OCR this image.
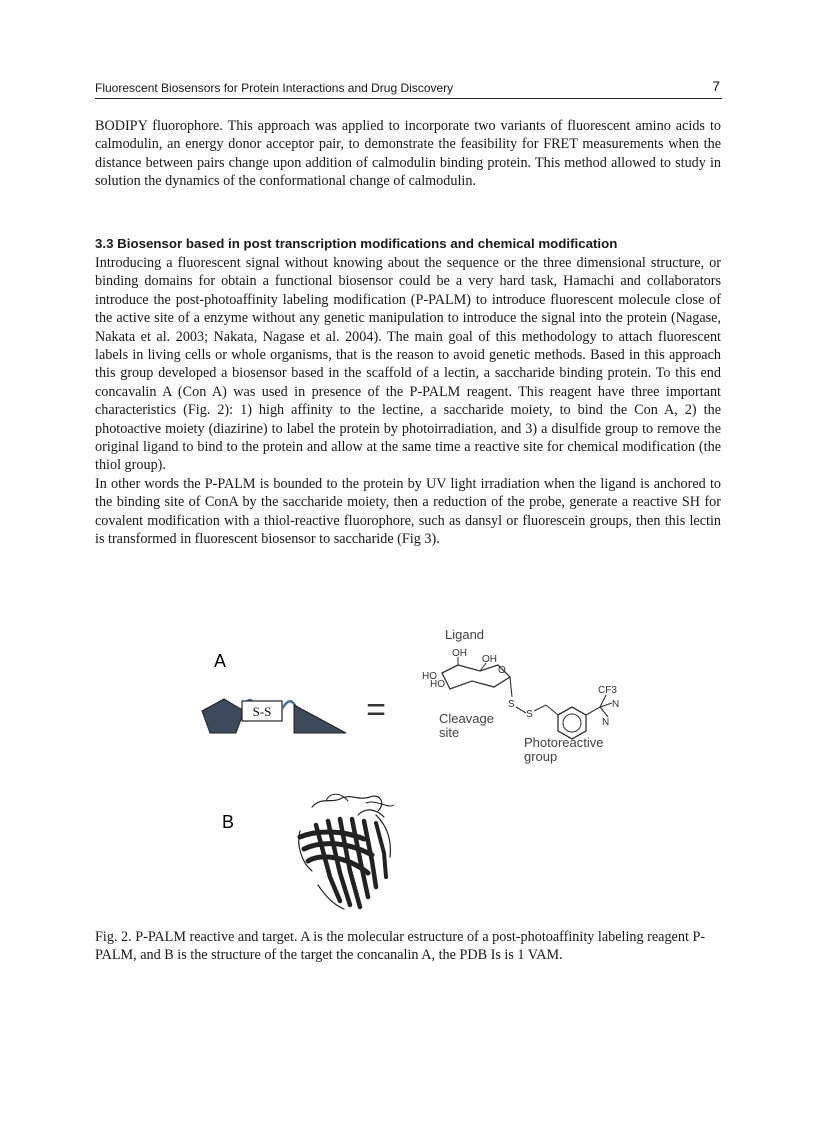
Fluorescent Biosensors for Protein Interactions and Drug Discovery	7

BODIPY fluorophore. This approach was applied to incorporate two variants of fluorescent amino acids to calmodulin, an energy donor acceptor pair, to demonstrate the feasibility for FRET measurements when the distance between pairs change upon addition of calmodulin binding protein. This method allowed to study in solution the dynamics of the conformational change of calmodulin.

3.3 Biosensor based in post transcription modifications and chemical modification

Introducing a fluorescent signal without knowing about the sequence or the three dimensional structure, or binding domains for obtain a functional biosensor could be a very hard task, Hamachi and collaborators introduce the post-photoaffinity labeling modification (P-PALM) to introduce fluorescent molecule close of the active site of a enzyme without any genetic manipulation to introduce the signal into the protein (Nagase, Nakata et al. 2003; Nakata, Nagase et al. 2004). The main goal of this methodology to attach fluorescent labels in living cells or whole organisms, that is the reason to avoid genetic methods. Based in this approach this group developed a biosensor based in the scaffold of a lectin, a saccharide binding protein. To this end concavalin A (Con A) was used in presence of the P-PALM reagent. This reagent have three important characteristics (Fig. 2): 1) high affinity to the lectine, a saccharide moiety, to bind the Con A, 2) the photoactive moiety (diazirine) to label the protein by photoirradiation, and 3) a disulfide group to remove the original ligand to bind to the protein and allow at the same time a reactive site for chemical modification (the thiol group).

In other words the P-PALM is bounded to the protein by UV light irradiation when the ligand is anchored to the binding site of ConA by the saccharide moiety, then a reduction of the probe, generate a reactive SH for covalent modification with a thiol-reactive fluorophore, such as dansyl or fluorescein groups, then this lectin is transformed in fluorescent biosensor to saccharide (Fig 3).

A
S-S	=
Ligand
OH
OH
HO
HO
O
S
S
CF3
N
N
Cleavage
site
Photoreactive
group
B
Fig. 2. P-PALM reactive and target. A is the molecular estructure of a post-photoaffinity labeling reagent P-PALM, and B is the structure of the target the concanalin A, the PDB Is is 1 VAM.
